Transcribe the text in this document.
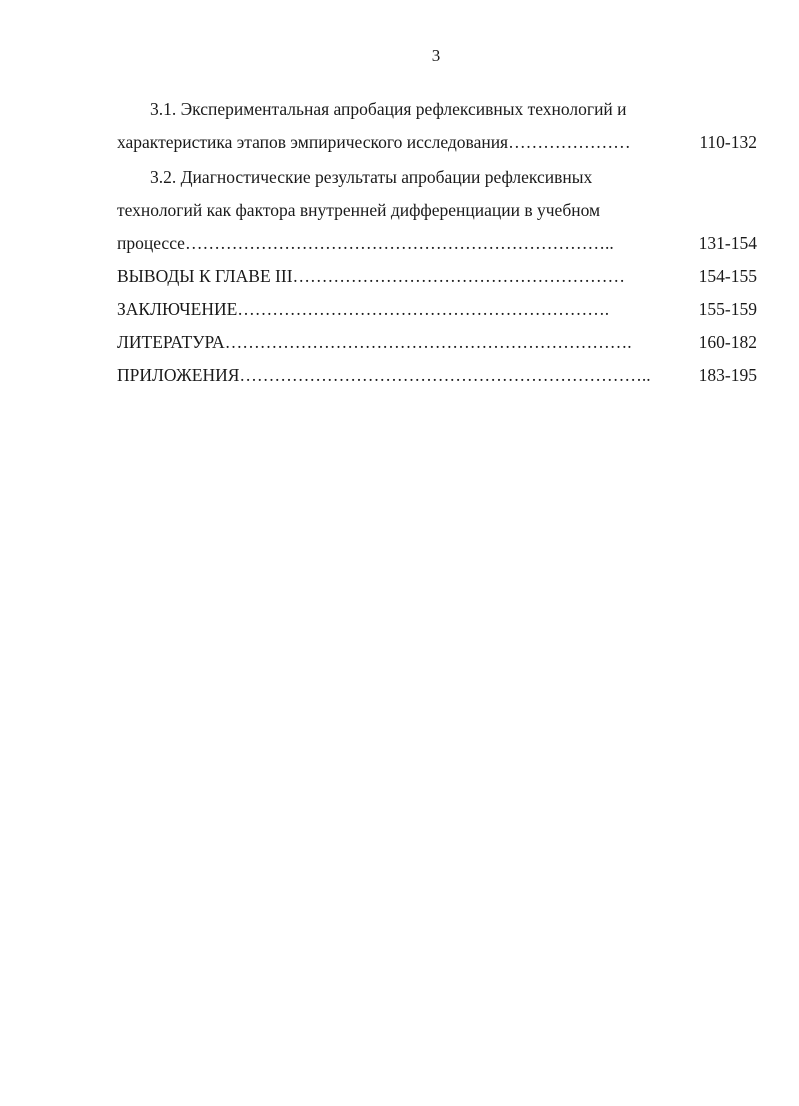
3
3.1. Экспериментальная апробация рефлексивных технологий и
характеристика этапов эмпирического исследования…………………	110-132
3.2. Диагностические результаты апробации рефлексивных
технологий как фактора внутренней дифференциации в учебном
процессе………………………………………………………………..	131-154
ВЫВОДЫ К ГЛАВЕ III…………………………………………………	154-155
ЗАКЛЮЧЕНИЕ……………………………………………………….	155-159
ЛИТЕРАТУРА…………………………………………………………….	160-182
ПРИЛОЖЕНИЯ……………………………………………………………..	183-195
